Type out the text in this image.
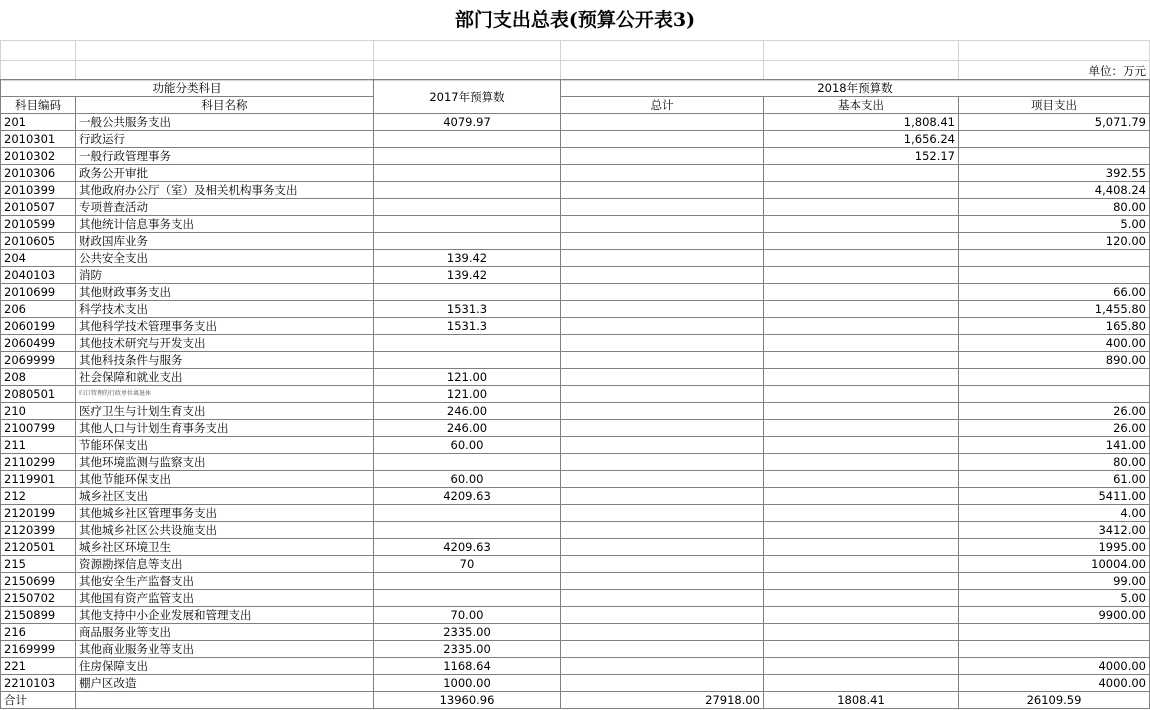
部门支出总表(预算公开表3)

					单位：万元
功能分类科目		2017年预算数	2018年预算数		
科目编码	科目名称		总计	基本支出	项目支出
201	一般公共服务支出	4079.97		1,808.41	5,071.79
2010301	行政运行			1,656.24	
2010302	一般行政管理事务			152.17	
2010306	政务公开审批				392.55
2010399	其他政府办公厅（室）及相关机构事务支出				4,408.24
2010507	专项普查活动				80.00
2010599	其他统计信息事务支出				5.00
2010605	财政国库业务				120.00
204	公共安全支出	139.42			
2040103	消防	139.42			
2010699	其他财政事务支出				66.00
206	科学技术支出	1531.3			1,455.80
2060199	其他科学技术管理事务支出	1531.3			165.80
2060499	其他技术研究与开发支出				400.00
2069999	其他科技条件与服务				890.00
208	社会保障和就业支出	121.00			
2080501	归口管理的行政单位离退休	121.00			
210	医疗卫生与计划生育支出	246.00			26.00
2100799	其他人口与计划生育事务支出	246.00			26.00
211	节能环保支出	60.00			141.00
2110299	其他环境监测与监察支出				80.00
2119901	其他节能环保支出	60.00			61.00
212	城乡社区支出	4209.63			5411.00
2120199	其他城乡社区管理事务支出				4.00
2120399	其他城乡社区公共设施支出				3412.00
2120501	城乡社区环境卫生	4209.63			1995.00
215	资源勘探信息等支出	70			10004.00
2150699	其他安全生产监督支出				99.00
2150702	其他国有资产监管支出				5.00
2150899	其他支持中小企业发展和管理支出	70.00			9900.00
216	商品服务业等支出	2335.00			
2169999	其他商业服务业等支出	2335.00			
221	住房保障支出	1168.64			4000.00
2210103	棚户区改造	1000.00			4000.00
合计		13960.96	27918.00	1808.41	26109.59
